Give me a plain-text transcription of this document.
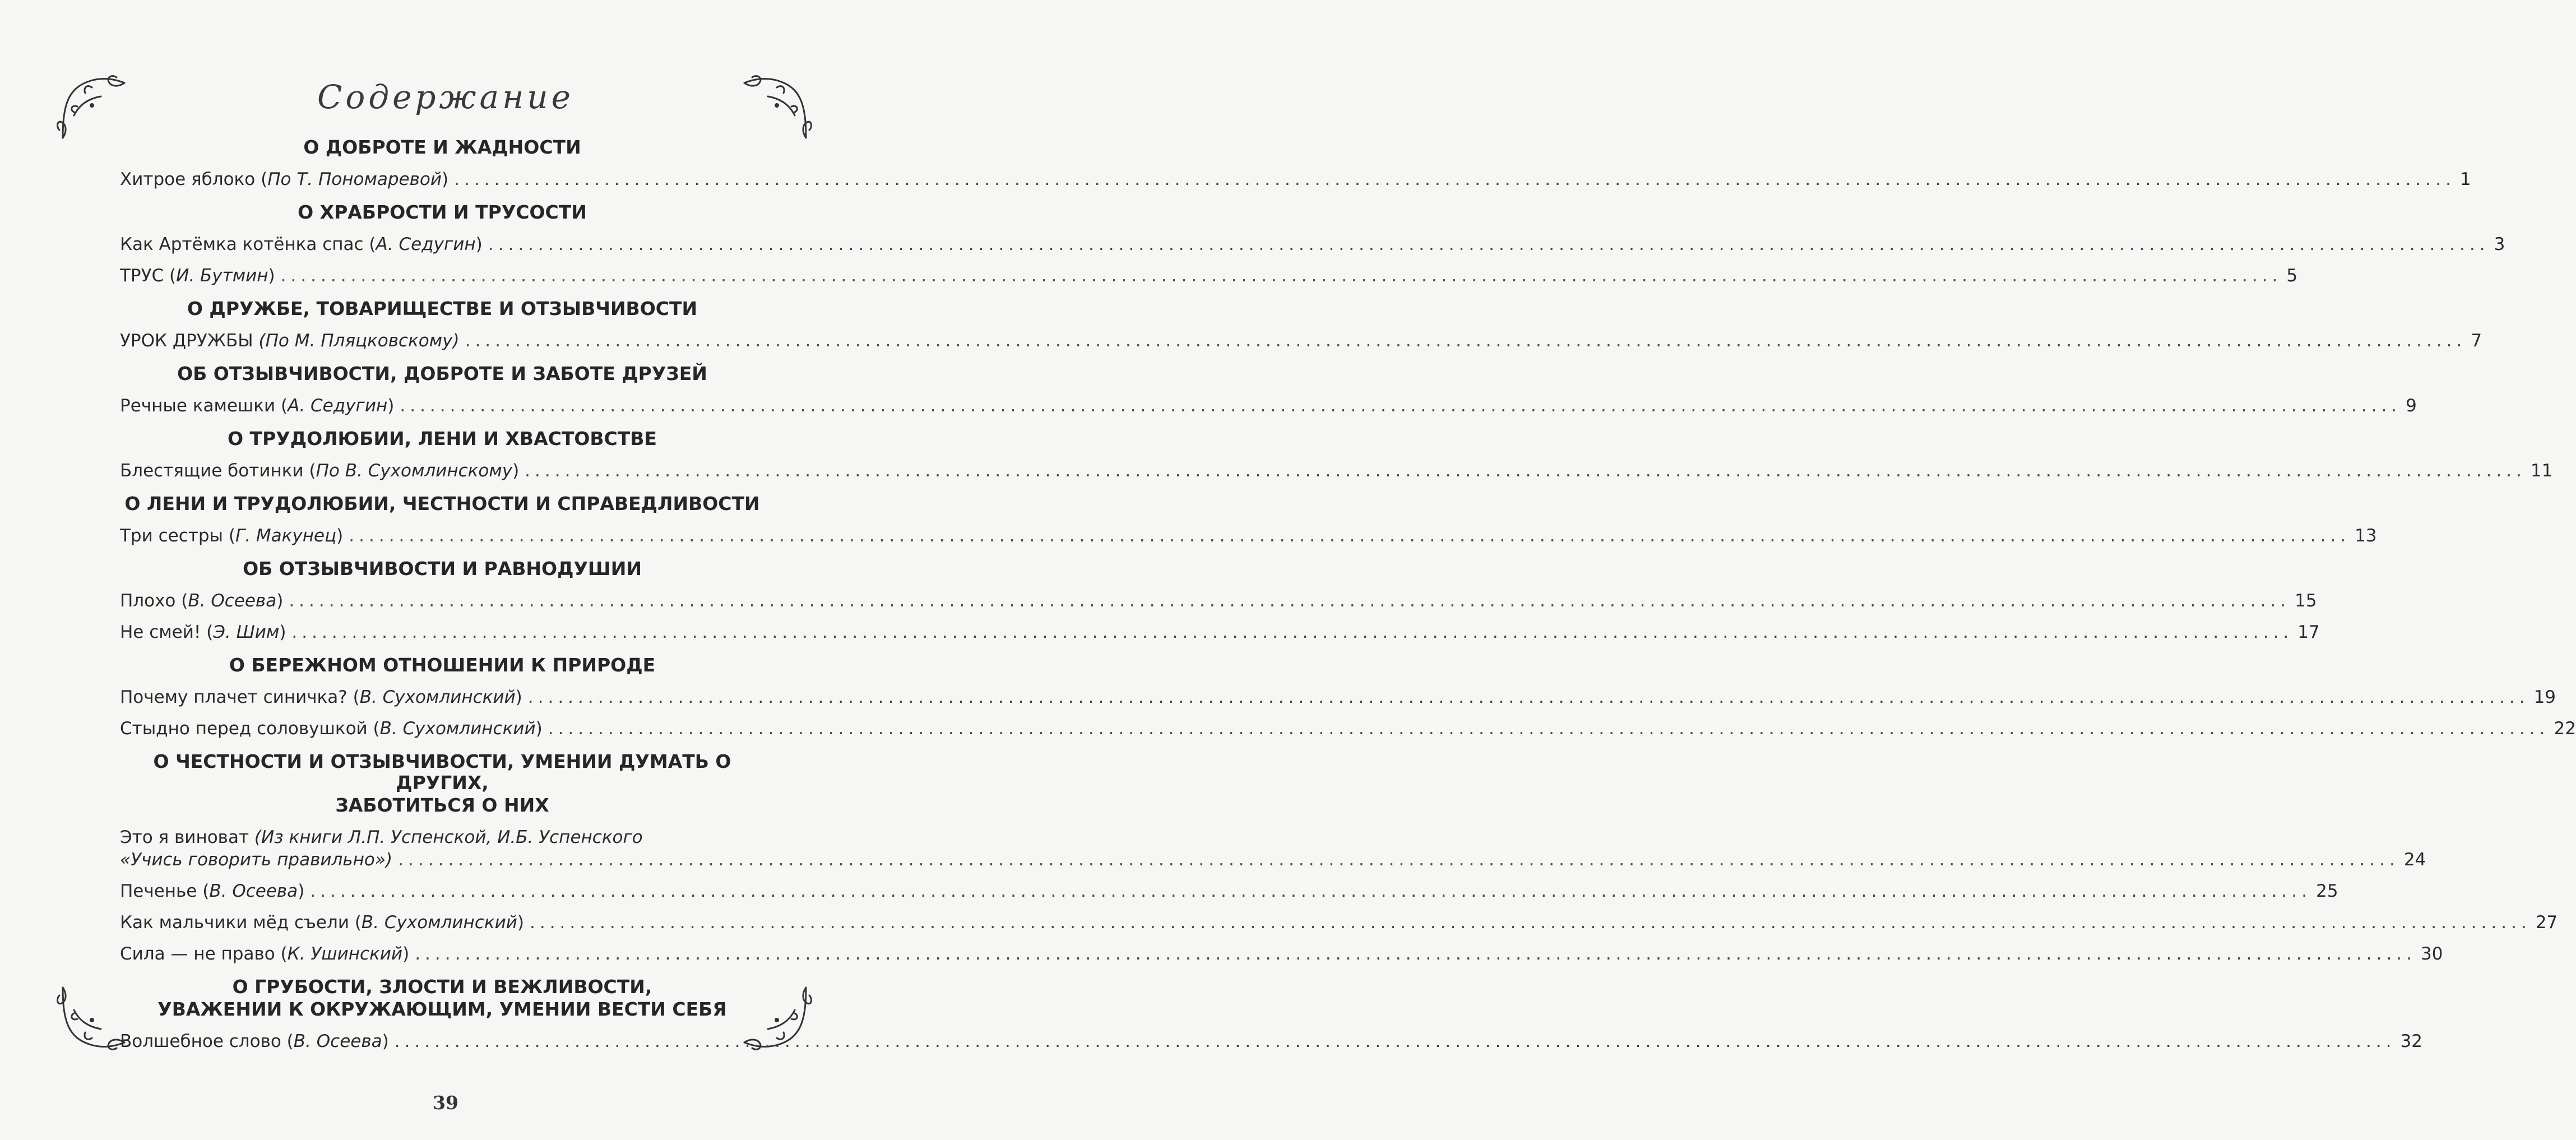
Содержание
О ДОБРОТЕ И ЖАДНОСТИ
Хитрое яблоко (По Т. Пономаревой) ........................................................................................................................................................................................................ 1
О ХРАБРОСТИ И ТРУСОСТИ
Как Артёмка котёнка спас (А. Седугин) ........................................................................................................................................................................................................ 3
ТРУС (И. Бутмин) ........................................................................................................................................................................................................ 5
О ДРУЖБЕ, ТОВАРИЩЕСТВЕ И ОТЗЫВЧИВОСТИ
УРОК ДРУЖБЫ (По М. Пляцковскому) ........................................................................................................................................................................................................ 7
ОБ ОТЗЫВЧИВОСТИ, ДОБРОТЕ И ЗАБОТЕ ДРУЗЕЙ
Речные камешки (А. Седугин) ........................................................................................................................................................................................................ 9
О ТРУДОЛЮБИИ, ЛЕНИ И ХВАСТОВСТВЕ
Блестящие ботинки (По В. Сухомлинскому) ........................................................................................................................................................................................................ 11
О ЛЕНИ И ТРУДОЛЮБИИ, ЧЕСТНОСТИ И СПРАВЕДЛИВОСТИ
Три сестры (Г. Макунец) ........................................................................................................................................................................................................ 13
ОБ ОТЗЫВЧИВОСТИ И РАВНОДУШИИ
Плохо (В. Осеева) ........................................................................................................................................................................................................ 15
Не смей! (Э. Шим) ........................................................................................................................................................................................................ 17
О БЕРЕЖНОМ ОТНОШЕНИИ К ПРИРОДЕ
Почему плачет синичка? (В. Сухомлинский) ........................................................................................................................................................................................................ 19
Стыдно перед соловушкой (В. Сухомлинский) ........................................................................................................................................................................................................ 22
О ЧЕСТНОСТИ И ОТЗЫВЧИВОСТИ, УМЕНИИ ДУМАТЬ О ДРУГИХ,
ЗАБОТИТЬСЯ О НИХ
Это я виноват (Из книги Л.П. Успенской, И.Б. Успенского
«Учись говорить правильно») ........................................................................................................................................................................................................ 24
Печенье (В. Осеева) ........................................................................................................................................................................................................ 25
Как мальчики мёд съели (В. Сухомлинский) ........................................................................................................................................................................................................ 27
Сила — не право (К. Ушинский) ........................................................................................................................................................................................................ 30
О ГРУБОСТИ, ЗЛОСТИ И ВЕЖЛИВОСТИ,
УВАЖЕНИИ К ОКРУЖАЮЩИМ, УМЕНИИ ВЕСТИ СЕБЯ
Волшебное слово (В. Осеева) ........................................................................................................................................................................................................ 32
39
